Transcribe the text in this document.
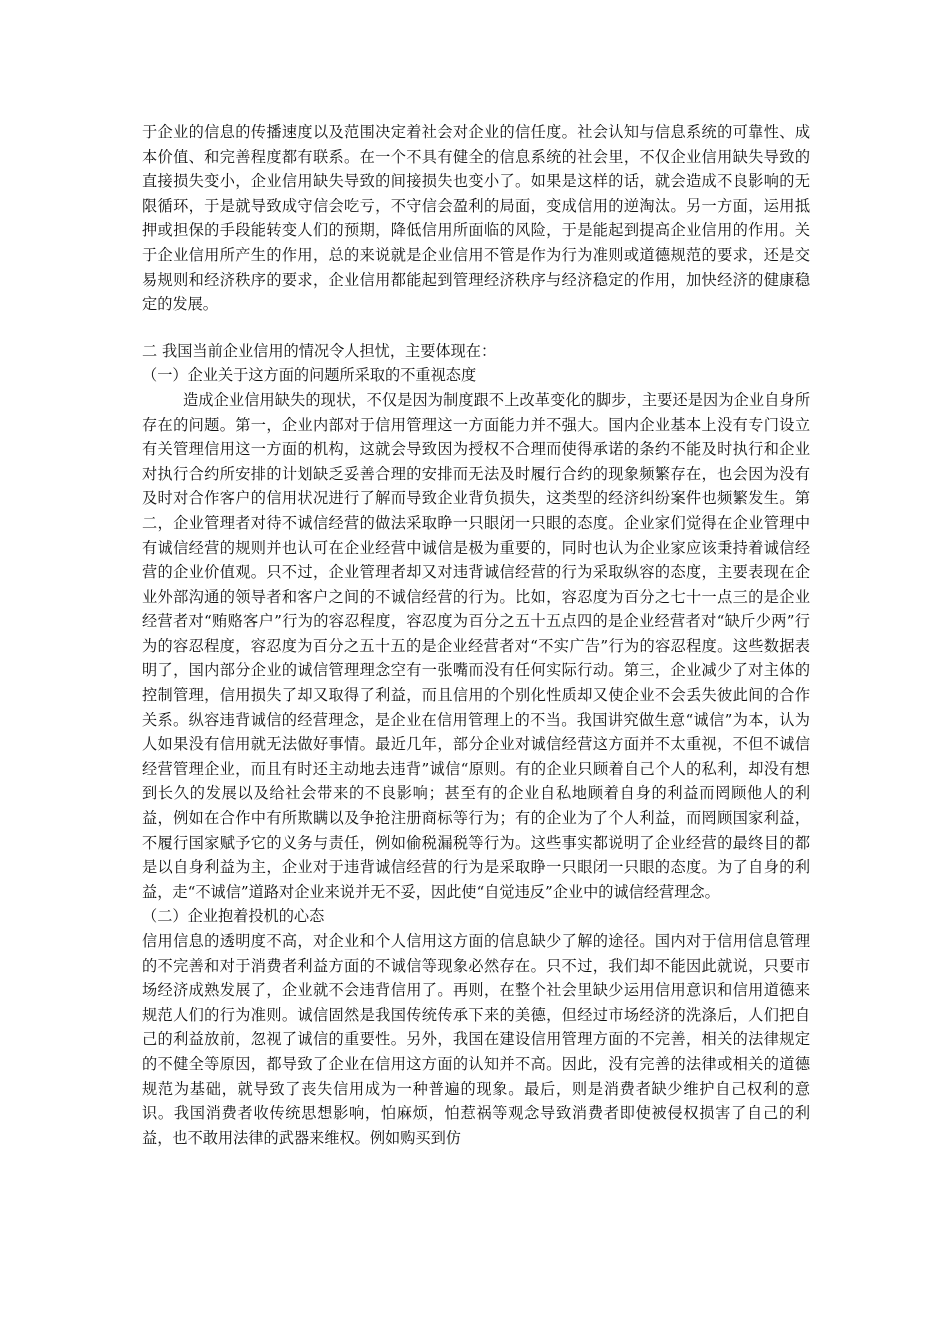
于企业的信息的传播速度以及范围决定着社会对企业的信任度。社会认知与信息系统的可靠性、成本价值、和完善程度都有联系。在一个不具有健全的信息系统的社会里，不仅企业信用缺失导致的直接损失变小，企业信用缺失导致的间接损失也变小了。如果是这样的话，就会造成不良影响的无限循环，于是就导致成守信会吃亏，不守信会盈利的局面，变成信用的逆淘汰。另一方面，运用抵押或担保的手段能转变人们的预期，降低信用所面临的风险，于是能起到提高企业信用的作用。关于企业信用所产生的作用，总的来说就是企业信用不管是作为行为准则或道德规范的要求，还是交易规则和经济秩序的要求，企业信用都能起到管理经济秩序与经济稳定的作用，加快经济的健康稳定的发展。

二 我国当前企业信用的情况令人担忧，主要体现在：

（一）企业关于这方面的问题所采取的不重视态度

造成企业信用缺失的现状，不仅是因为制度跟不上改革变化的脚步，主要还是因为企业自身所存在的问题。第一，企业内部对于信用管理这一方面能力并不强大。国内企业基本上没有专门设立有关管理信用这一方面的机构，这就会导致因为授权不合理而使得承诺的条约不能及时执行和企业对执行合约所安排的计划缺乏妥善合理的安排而无法及时履行合约的现象频繁存在，也会因为没有及时对合作客户的信用状况进行了解而导致企业背负损失，这类型的经济纠纷案件也频繁发生。第二，企业管理者对待不诚信经营的做法采取睁一只眼闭一只眼的态度。企业家们觉得在企业管理中有诚信经营的规则并也认可在企业经营中诚信是极为重要的，同时也认为企业家应该秉持着诚信经营的企业价值观。只不过，企业管理者却又对违背诚信经营的行为采取纵容的态度，主要表现在企业外部沟通的领导者和客户之间的不诚信经营的行为。比如，容忍度为百分之七十一点三的是企业经营者对“贿赂客户”行为的容忍程度，容忍度为百分之五十五点四的是企业经营者对“缺斤少两”行为的容忍程度，容忍度为百分之五十五的是企业经营者对“不实广告”行为的容忍程度。这些数据表明了，国内部分企业的诚信管理理念空有一张嘴而没有任何实际行动。第三，企业减少了对主体的控制管理，信用损失了却又取得了利益，而且信用的个别化性质却又使企业不会丢失彼此间的合作关系。纵容违背诚信的经营理念，是企业在信用管理上的不当。我国讲究做生意“诚信”为本，认为人如果没有信用就无法做好事情。最近几年，部分企业对诚信经营这方面并不太重视，不但不诚信经营管理企业，而且有时还主动地去违背”诚信“原则。有的企业只顾着自己个人的私利，却没有想到长久的发展以及给社会带来的不良影响；甚至有的企业自私地顾着自身的利益而罔顾他人的利益，例如在合作中有所欺瞒以及争抢注册商标等行为；有的企业为了个人利益，而罔顾国家利益，不履行国家赋予它的义务与责任，例如偷税漏税等行为。这些事实都说明了企业经营的最终目的都是以自身利益为主，企业对于违背诚信经营的行为是采取睁一只眼闭一只眼的态度。为了自身的利益，走“不诚信”道路对企业来说并无不妥，因此使“自觉违反”企业中的诚信经营理念。

（二）企业抱着投机的心态

信用信息的透明度不高，对企业和个人信用这方面的信息缺少了解的途径。国内对于信用信息管理的不完善和对于消费者利益方面的不诚信等现象必然存在。只不过，我们却不能因此就说，只要市场经济成熟发展了，企业就不会违背信用了。再则，在整个社会里缺少运用信用意识和信用道德来规范人们的行为准则。诚信固然是我国传统传承下来的美德，但经过市场经济的洗涤后，人们把自己的利益放前，忽视了诚信的重要性。另外，我国在建设信用管理方面的不完善，相关的法律规定的不健全等原因，都导致了企业在信用这方面的认知并不高。因此，没有完善的法律或相关的道德规范为基础，就导致了丧失信用成为一种普遍的现象。最后，则是消费者缺少维护自己权利的意识。我国消费者收传统思想影响，怕麻烦，怕惹祸等观念导致消费者即使被侵权损害了自己的利益，也不敢用法律的武器来维权。例如购买到仿
